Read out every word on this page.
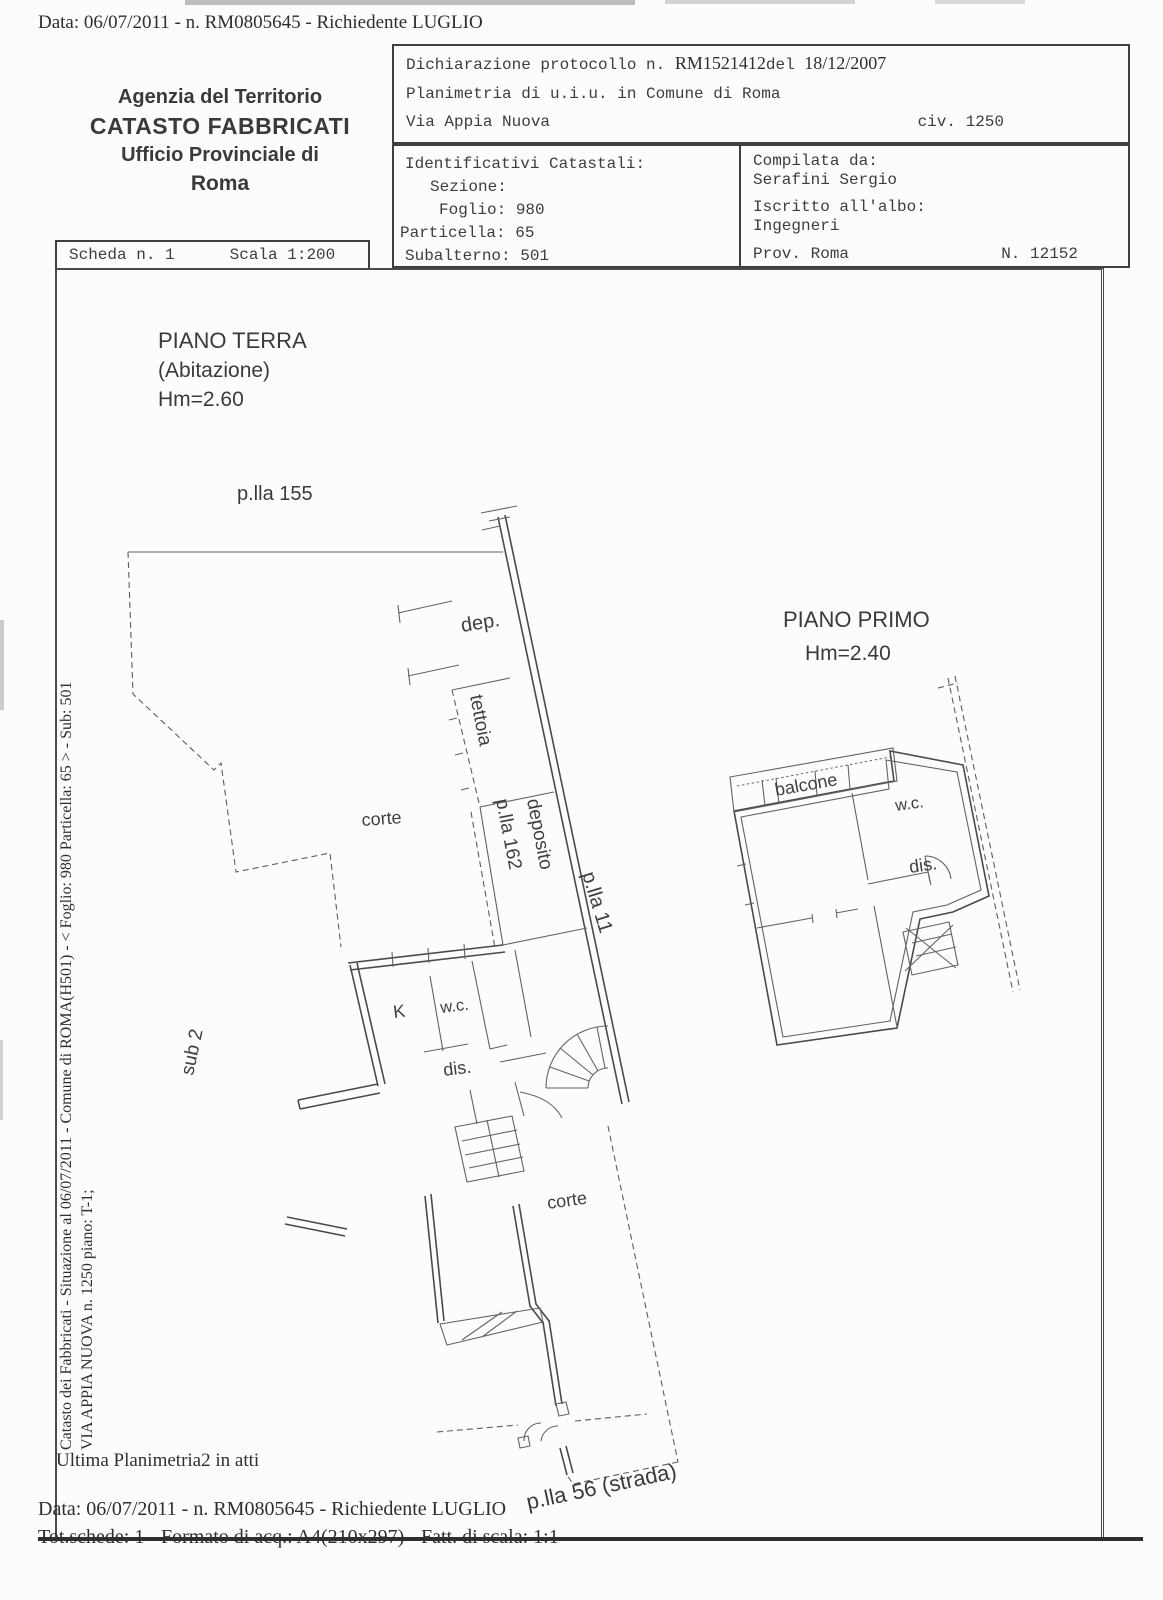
Data: 06/07/2011 - n. RM0805645 - Richiedente LUGLIO
Agenzia del Territorio
CATASTO FABBRICATI
Ufficio Provinciale di
Roma
Dichiarazione protocollo n. RM1521412del 18/12/2007
Planimetria di u.i.u. in Comune di Roma
Via Appia Nuova	civ. 1250
Identificativi Catastali:
Sezione:
Foglio: 980
Particella: 65
Subalterno: 501
Compilata da:
Serafini Sergio
Iscritto all'albo:
Ingegneri
Prov. Roma	N. 12152
Scheda n. 1	Scala 1:200
dep.
tettoia
deposito
p.lla 162
p.lla 11
corte
K w.c.
dis.
sub 2
corte
balcone
w.c.
dis.
PIANO TERRA
(Abitazione)
Hm=2.60
p.lla 155
PIANO PRIMO
Hm=2.40
Catasto dei Fabbricati - Situazione al 06/07/2011 - Comune di ROMA(H501) - < Foglio: 980 Particella: 65 > - Sub: 501 VIA APPIA NUOVA n. 1250 piano: T-1;
p.lla 56 (strada)
Ultima Planimetria2 in atti
Data: 06/07/2011 - n. RM0805645 - Richiedente LUGLIO
Tot.schede: 1 - Formato di acq.: A4(210x297) - Fatt. di scala: 1:1
